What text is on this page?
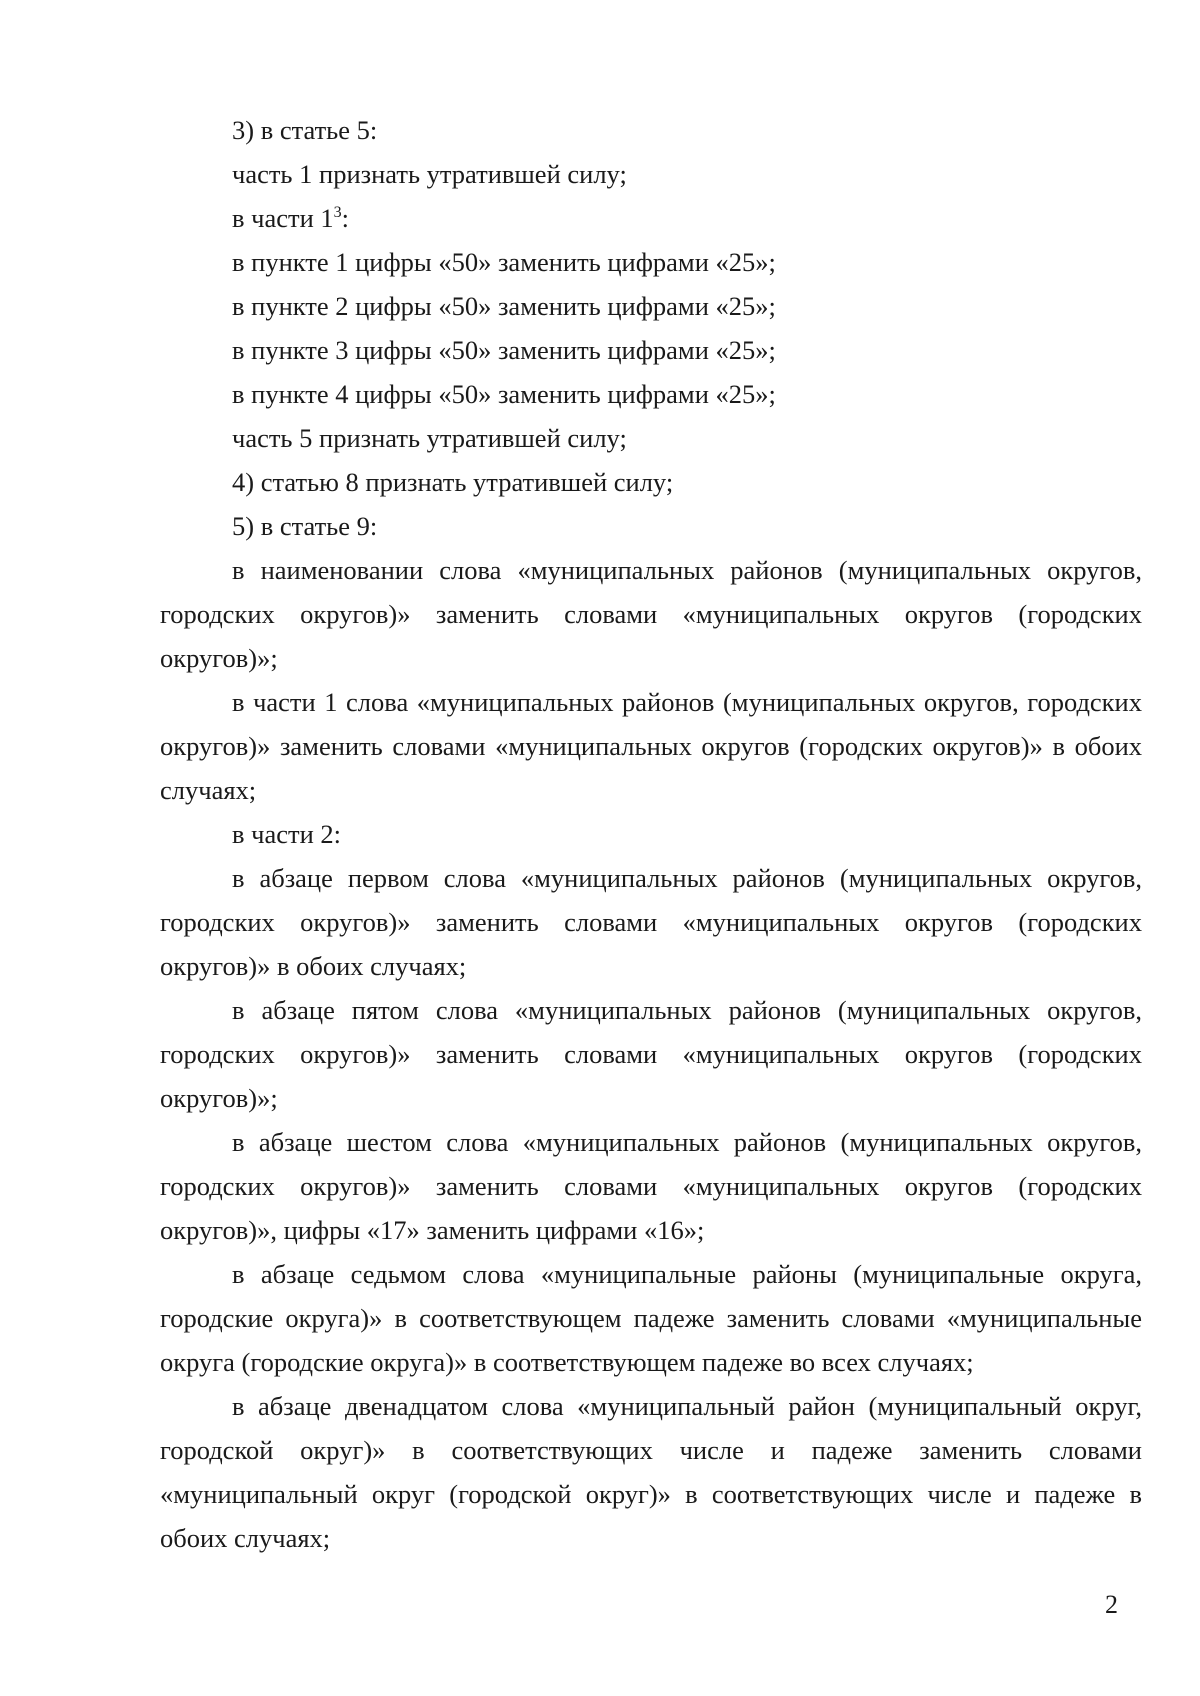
3) в статье 5:

часть 1 признать утратившей силу;

в части $1^3$:

в пункте 1 цифры «50» заменить цифрами «25»;

в пункте 2 цифры «50» заменить цифрами «25»;

в пункте 3 цифры «50» заменить цифрами «25»;

в пункте 4 цифры «50» заменить цифрами «25»;

часть 5 признать утратившей силу;

4) статью 8 признать утратившей силу;

5) в статье 9:

в наименовании слова «муниципальных районов (муниципальных округов, городских округов)» заменить словами «муниципальных округов (городских округов)»;

в части 1 слова «муниципальных районов (муниципальных округов, городских округов)» заменить словами «муниципальных округов (городских округов)» в обоих случаях;

в части 2:

в абзаце первом слова «муниципальных районов (муниципальных округов, городских округов)» заменить словами «муниципальных округов (городских округов)» в обоих случаях;

в абзаце пятом слова «муниципальных районов (муниципальных округов, городских округов)» заменить словами «муниципальных округов (городских округов)»;

в абзаце шестом слова «муниципальных районов (муниципальных округов, городских округов)» заменить словами «муниципальных округов (городских округов)», цифры «17» заменить цифрами «16»;

в абзаце седьмом слова «муниципальные районы (муниципальные округа, городские округа)» в соответствующем падеже заменить словами «муниципальные округа (городские округа)» в соответствующем падеже во всех случаях;

в абзаце двенадцатом слова «муниципальный район (муниципальный округ, городской округ)» в соответствующих числе и падеже заменить словами «муниципальный округ (городской округ)» в соответствующих числе и падеже в обоих случаях;

2
